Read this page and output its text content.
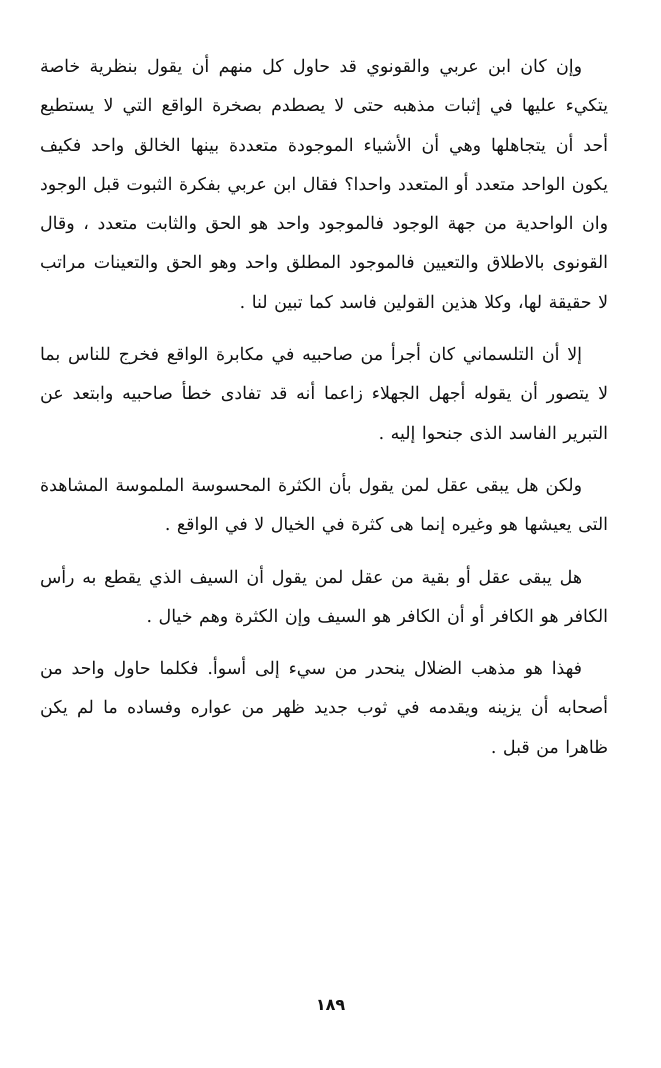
وإن كان ابن عربي والقونوي قد حاول كل منهم أن يقول بنظرية خاصة يتكيء عليها في إثبات مذهبه حتى لا يصطدم بصخرة الواقع التي لا يستطيع أحد أن يتجاهلها وهي أن الأشياء الموجودة متعددة بينها الخالق واحد فكيف يكون الواحد متعدد أو المتعدد واحدا؟ فقال ابن عربي بفكرة الثبوت قبل الوجود وان الواحدية من جهة الوجود فالموجود واحد هو الحق والثابت متعدد ، وقال القونوى بالاطلاق والتعيين فالموجود المطلق واحد وهو الحق والتعينات مراتب لا حقيقة لها، وكلا هذين القولين فاسد كما تبين لنا .

إلا أن التلسماني كان أجرأ من صاحبيه في مكابرة الواقع فخرج للناس بما لا يتصور أن يقوله أجهل الجهلاء زاعما أنه قد تفادى خطأ صاحبيه وابتعد عن التبرير الفاسد الذى جنحوا إليه .

ولكن هل يبقى عقل لمن يقول بأن الكثرة المحسوسة الملموسة المشاهدة التى يعيشها هو وغيره إنما هى كثرة في الخيال لا في الواقع .

هل يبقى عقل أو بقية من عقل لمن يقول أن السيف الذي يقطع به رأس الكافر هو الكافر أو أن الكافر هو السيف وإن الكثرة وهم خيال .

فهذا هو مذهب الضلال ينحدر من سيء إلى أسوأ. فكلما حاول واحد من أصحابه أن يزينه ويقدمه في ثوب جديد ظهر من عواره وفساده ما لم يكن ظاهرا من قبل .

١٨٩
